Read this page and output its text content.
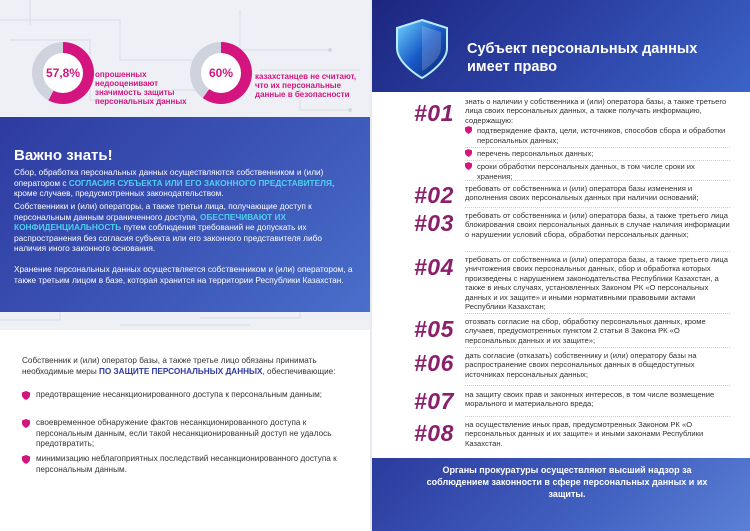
57,8% опрошенных недооценивают значимость защиты персональных данных
60%	казахстанцев не считают, что их персональные данные в безопасности
Важно знать!
Сбор, обработка персональных данных осуществляются собственником и (или) оператором с СОГЛАСИЯ СУБЪЕКТА ИЛИ ЕГО ЗАКОННОГО ПРЕДСТАВИТЕЛЯ, кроме случаев, предусмотренных законодательством.
Собственники и (или) операторы, а также третьи лица, получающие доступ к персональным данным ограниченного доступа, ОБЕСПЕЧИВАЮТ ИХ КОНФИДЕНЦИАЛЬНОСТЬ путем соблюдения требований не допускать их распространения без согласия субъекта или его законного представителя либо наличия иного законного основания.
Хранение персональных данных осуществляется собственником и (или) оператором, а также третьим лицом в базе, которая хранится на территории Республики Казахстан.
Собственник и (или) оператор базы, а также третье лицо обязаны принимать необходимые меры ПО ЗАЩИТЕ ПЕРСОНАЛЬНЫХ ДАННЫХ, обеспечивающие:
предотвращение несанкционированного доступа к персональным данным;
своевременное обнаружение фактов несанкционированного доступа к персональным данным, если такой несанкционированный доступ не удалось предотвратить;
минимизацию неблагоприятных последствий несанкционированного доступа к персональным данным.
Субъект персональных данных имеет право
#01 знать о наличии у собственника и (или) оператора базы, а также третьего лица своих персональных данных, а также получать информацию, содержащую:
подтверждение факта, цели, источников, способов сбора и обработки персональных данных;
перечень персональных данных;
сроки обработки персональных данных, в том числе сроки их хранения;
#02 требовать от собственника и (или) оператора базы изменения и дополнения своих персональных данных при наличии оснований;
#03 требовать от собственника и (или) оператора базы, а также третьего лица блокирования своих персональных данных в случае наличия информации о нарушении условий сбора, обработки персональных данных;
#04 требовать от собственника и (или) оператора базы, а также третьего лица уничтожения своих персональных данных, сбор и обработка которых произведены с нарушением законодательства Республики Казахстан, а также в иных случаях, установленных Законом РК «О персональных данных и их защите» и иными нормативными правовыми актами Республики Казахстан;
#05 отозвать согласие на сбор, обработку персональных данных, кроме случаев, предусмотренных пунктом 2 статьи 8 Закона РК «О персональных данных и их защите»;
#06 дать согласие (отказать) собственнику и (или) оператору базы на распространение своих персональных данных в общедоступных источниках персональных данных;
#07 на защиту своих прав и законных интересов, в том числе возмещение морального и материального вреда;
#08 на осуществление иных прав, предусмотренных Законом РК «О персональных данных и их защите» и иными законами Республики Казахстан.
Органы прокуратуры осуществляют высший надзор за соблюдением законности в сфере персональных данных и их защиты.
